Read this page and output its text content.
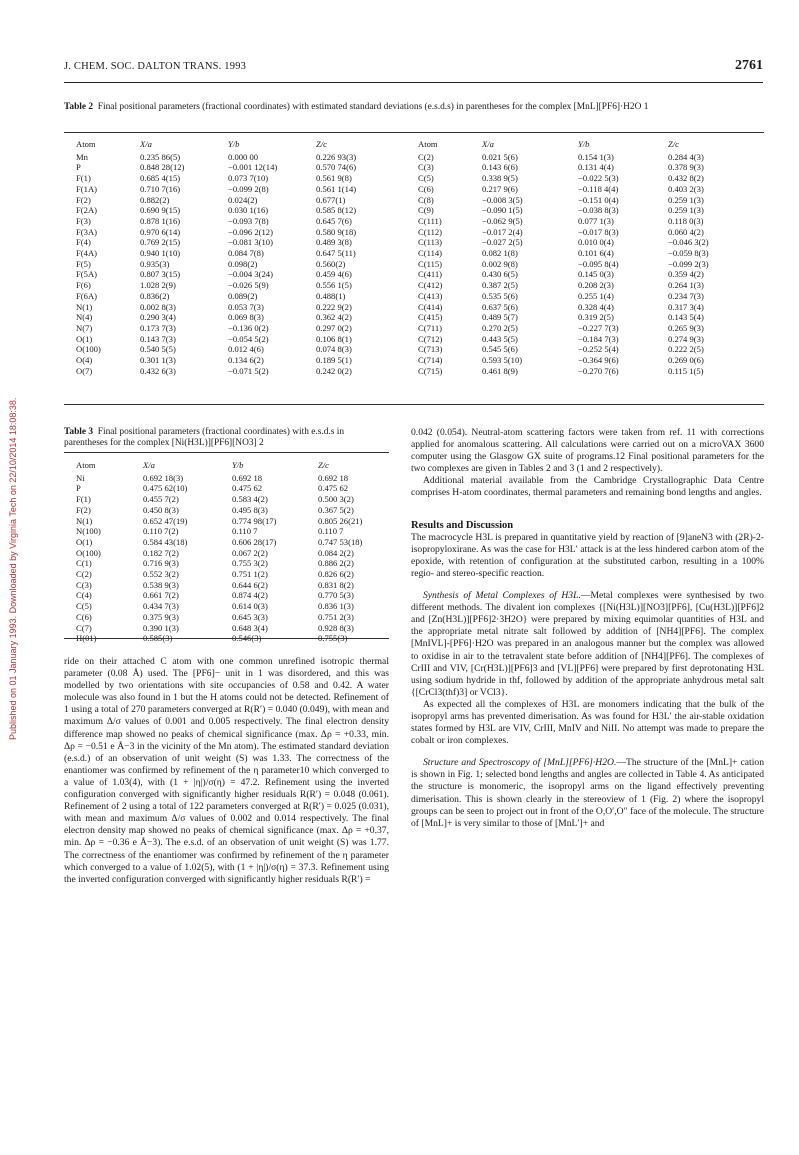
J. CHEM. SOC. DALTON TRANS. 1993	2761
Published on 01 January 1993. Downloaded by Virginia Tech on 22/10/2014 18:08:38.
Table 2 Final positional parameters (fractional coordinates) with estimated standard deviations (e.s.d.s) in parentheses for the complex [MnL][PF6]·H2O 1
Atom	X/a	Y/b	Z/c
Mn	0.235 86(5)	0.000 00	0.226 93(3)
P	0.848 28(12)	−0.001 12(14)	0.570 74(6)
F(1)	0.685 4(15)	0.073 7(10)	0.561 9(8)
F(1A)	0.710 7(16)	−0.099 2(8)	0.561 1(14)
F(2)	0.882(2)	0.024(2)	0.677(1)
F(2A)	0.690 9(15)	0.030 1(16)	0.585 8(12)
F(3)	0.878 1(16)	−0.093 7(8)	0.645 7(6)
F(3A)	0.970 6(14)	−0.096 2(12)	0.580 9(18)
F(4)	0.769 2(15)	−0.081 3(10)	0.489 3(8)
F(4A)	0.940 1(10)	0.084 7(8)	0.647 5(11)
F(5)	0.935(3)	0.098(2)	0.560(2)
F(5A)	0.807 3(15)	−0.004 3(24)	0.459 4(6)
F(6)	1.028 2(9)	−0.026 5(9)	0.556 1(5)
F(6A)	0.836(2)	0.089(2)	0.488(1)
N(1)	0.002 8(3)	0.053 7(3)	0.222 9(2)
N(4)	0.290 3(4)	0.069 8(3)	0.362 4(2)
N(7)	0.173 7(3)	−0.136 0(2)	0.297 0(2)
O(1)	0.143 7(3)	−0.054 5(2)	0.106 8(1)
O(100)	0.540 5(5)	0.012 4(6)	0.074 8(3)
O(4)	0.301 1(3)	0.134 6(2)	0.189 5(1)
O(7)	0.432 6(3)	−0.071 5(2)	0.242 0(2)
Atom	X/a	Y/b	Z/c
C(2)	0.021 5(6)	0.154 1(3)	0.284 4(3)
C(3)	0.143 6(6)	0.131 4(4)	0.378 9(3)
C(5)	0.338 9(5)	−0.022 5(3)	0.432 8(2)
C(6)	0.217 9(6)	−0.118 4(4)	0.403 2(3)
C(8)	−0.008 3(5)	−0.151 0(4)	0.259 1(3)
C(9)	−0.090 1(5)	−0.038 8(3)	0.259 1(3)
C(111)	−0.062 9(5)	0.077 1(3)	0.118 0(3)
C(112)	−0.017 2(4)	−0.017 8(3)	0.060 4(2)
C(113)	−0.027 2(5)	0.010 0(4)	−0.046 3(2)
C(114)	0.082 1(8)	0.101 6(4)	−0.059 8(3)
C(115)	0.002 9(8)	−0.095 8(4)	−0.099 2(3)
C(411)	0.430 6(5)	0.145 0(3)	0.359 4(2)
C(412)	0.387 2(5)	0.208 2(3)	0.264 1(3)
C(413)	0.535 5(6)	0.255 1(4)	0.234 7(3)
C(414)	0.637 5(6)	0.328 4(4)	0.317 3(4)
C(415)	0.489 5(7)	0.319 2(5)	0.143 5(4)
C(711)	0.270 2(5)	−0.227 7(3)	0.265 9(3)
C(712)	0.443 5(5)	−0.184 7(3)	0.274 9(3)
C(713)	0.545 5(6)	−0.252 5(4)	0.222 2(5)
C(714)	0.593 5(10)	−0.364 9(6)	0.269 0(6)
C(715)	0.461 8(9)	−0.270 7(6)	0.115 1(5)
Table 3 Final positional parameters (fractional coordinates) with e.s.d.s in parentheses for the complex [Ni(H3L)][PF6][NO3] 2
Atom	X/a	Y/b	Z/c
Ni	0.692 18(3)	0.692 18	0.692 18
P	0.475 62(10)	0.475 62	0.475 62
F(1)	0.455 7(2)	0.583 4(2)	0.500 3(2)
F(2)	0.450 8(3)	0.495 8(3)	0.367 5(2)
N(1)	0.652 47(19)	0.774 98(17)	0.805 26(21)
N(100)	0.110 7(2)	0.110 7	0.110 7
O(1)	0.584 43(18)	0.606 28(17)	0.747 53(18)
O(100)	0.182 7(2)	0.067 2(2)	0.084 2(2)
C(1)	0.716 9(3)	0.755 3(2)	0.886 2(2)
C(2)	0.552 3(2)	0.751 1(2)	0.826 6(2)
C(3)	0.538 9(3)	0.644 6(2)	0.831 8(2)
C(4)	0.661 7(2)	0.874 4(2)	0.770 5(3)
C(5)	0.434 7(3)	0.614 0(3)	0.836 1(3)
C(6)	0.375 9(3)	0.645 3(3)	0.751 2(3)
C(7)	0.390 1(3)	0.648 3(4)	0.928 8(3)
H(01)	0.585(3)	0.546(3)	0.755(3)

ride on their attached C atom with one common unrefined isotropic thermal parameter (0.08 Å) used. The [PF6]− unit in 1 was disordered, and this was modelled by two orientations with site occupancies of 0.58 and 0.42. A water molecule was also found in 1 but the H atoms could not be detected. Refinement of 1 using a total of 270 parameters converged at R(R′) = 0.040 (0.049), with mean and maximum Δ/σ values of 0.001 and 0.005 respectively. The final electron density difference map showed no peaks of chemical significance (max. Δρ = +0.33, min. Δρ = −0.51 e Å−3 in the vicinity of the Mn atom). The estimated standard deviation (e.s.d.) of an observation of unit weight (S) was 1.33. The correctness of the enantiomer was confirmed by refinement of the η parameter10 which converged to a value of 1.03(4), with (1 + |η|)/σ(η) = 47.2. Refinement using the inverted configuration converged with significantly higher residuals R(R′) = 0.048 (0.061). Refinement of 2 using a total of 122 parameters converged at R(R′) = 0.025 (0.031), with mean and maximum Δ/σ values of 0.002 and 0.014 respectively. The final electron density map showed no peaks of chemical significance (max. Δρ = +0.37, min. Δρ = −0.36 e Å−3). The e.s.d. of an observation of unit weight (S) was 1.77. The correctness of the enantiomer was confirmed by refinement of the η parameter which converged to a value of 1.02(5), with (1 + |η|)/σ(η) = 37.3. Refinement using the inverted configuration converged with significantly higher residuals R(R′) =

0.042 (0.054). Neutral-atom scattering factors were taken from ref. 11 with corrections applied for anomalous scattering. All calculations were carried out on a microVAX 3600 computer using the Glasgow GX suite of programs.12 Final positional parameters for the two complexes are given in Tables 2 and 3 (1 and 2 respectively).

Additional material available from the Cambridge Crystallographic Data Centre comprises H-atom coordinates, thermal parameters and remaining bond lengths and angles.

Results and Discussion

The macrocycle H3L is prepared in quantitative yield by reaction of [9]aneN3 with (2R)-2-isopropyloxirane. As was the case for H3L′ attack is at the less hindered carbon atom of the epoxide, with retention of configuration at the substituted carbon, resulting in a 100% regio- and stereo-specific reaction.

Synthesis of Metal Complexes of H3L.—Metal complexes were synthesised by two different methods. The divalent ion complexes {[Ni(H3L)][NO3][PF6], [Cu(H3L)][PF6]2 and [Zn(H3L)][PF6]2·3H2O} were prepared by mixing equimolar quantities of H3L and the appropriate metal nitrate salt followed by addition of [NH4][PF6]. The complex [MnIVL]-[PF6]·H2O was prepared in an analogous manner but the complex was allowed to oxidise in air to the tetravalent state before addition of [NH4][PF6]. The complexes of CrIII and VIV, [Cr(H3L)][PF6]3 and [VL][PF6] were prepared by first deprotonating H3L using sodium hydride in thf, followed by addition of the appropriate anhydrous metal salt {[CrCl3(thf)3] or VCl3}.

As expected all the complexes of H3L are monomers indicating that the bulk of the isopropyl arms has prevented dimerisation. As was found for H3L′ the air-stable oxidation states formed by H3L are VIV, CrIII, MnIV and NiII. No attempt was made to prepare the cobalt or iron complexes.

Structure and Spectroscopy of [MnL][PF6]·H2O.—The structure of the [MnL]+ cation is shown in Fig. 1; selected bond lengths and angles are collected in Table 4. As anticipated the structure is monomeric, the isopropyl arms on the ligand effectively preventing dimerisation. This is shown clearly in the stereoview of 1 (Fig. 2) where the isopropyl groups can be seen to project out in front of the O,O′,O″ face of the molecule. The structure of [MnL]+ is very similar to those of [MnL′]+ and
